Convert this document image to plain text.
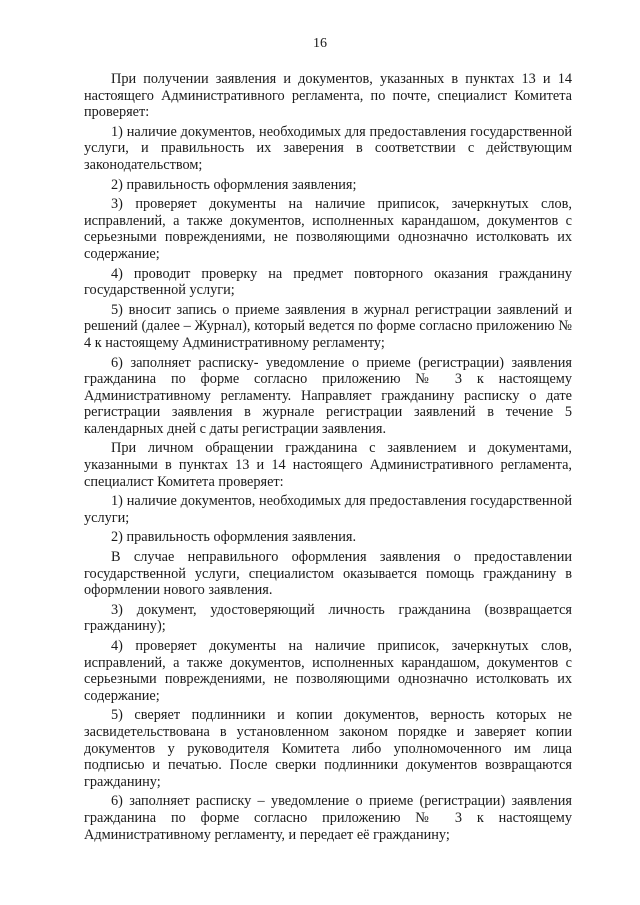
16

При получении заявления и документов, указанных в пунктах 13 и 14 настоящего Административного регламента, по почте, специалист Комитета проверяет:

1) наличие документов, необходимых для предоставления государственной услуги, и правильность их заверения в соответствии с действующим законодательством;

2) правильность оформления заявления;

3) проверяет документы на наличие приписок, зачеркнутых слов, исправлений, а также документов, исполненных карандашом, документов с серьезными повреждениями, не позволяющими однозначно истолковать их содержание;

4) проводит проверку на предмет повторного оказания гражданину государственной услуги;

5) вносит запись о приеме заявления в журнал регистрации заявлений и решений (далее – Журнал), который ведется по форме согласно приложению № 4 к настоящему Административному регламенту;

6) заполняет расписку- уведомление о приеме (регистрации) заявления гражданина по форме согласно приложению № 3 к настоящему Административному регламенту. Направляет гражданину расписку о дате регистрации заявления в журнале регистрации заявлений в течение 5 календарных дней с даты регистрации заявления.

При личном обращении гражданина с заявлением и документами, указанными в пунктах 13 и 14 настоящего Административного регламента, специалист Комитета проверяет:

1) наличие документов, необходимых для предоставления государственной услуги;

2) правильность оформления заявления.

В случае неправильного оформления заявления о предоставлении государственной услуги, специалистом оказывается помощь гражданину в оформлении нового заявления.

3) документ, удостоверяющий личность гражданина (возвращается гражданину);

4) проверяет документы на наличие приписок, зачеркнутых слов, исправлений, а также документов, исполненных карандашом, документов с серьезными повреждениями, не позволяющими однозначно истолковать их содержание;

5) сверяет подлинники и копии документов, верность которых не засвидетельствована в установленном законом порядке и заверяет копии документов у руководителя Комитета либо уполномоченного им лица подписью и печатью. После сверки подлинники документов возвращаются гражданину;

6) заполняет расписку – уведомление о приеме (регистрации) заявления гражданина по форме согласно приложению № 3 к настоящему Административному регламенту, и передает её гражданину;
